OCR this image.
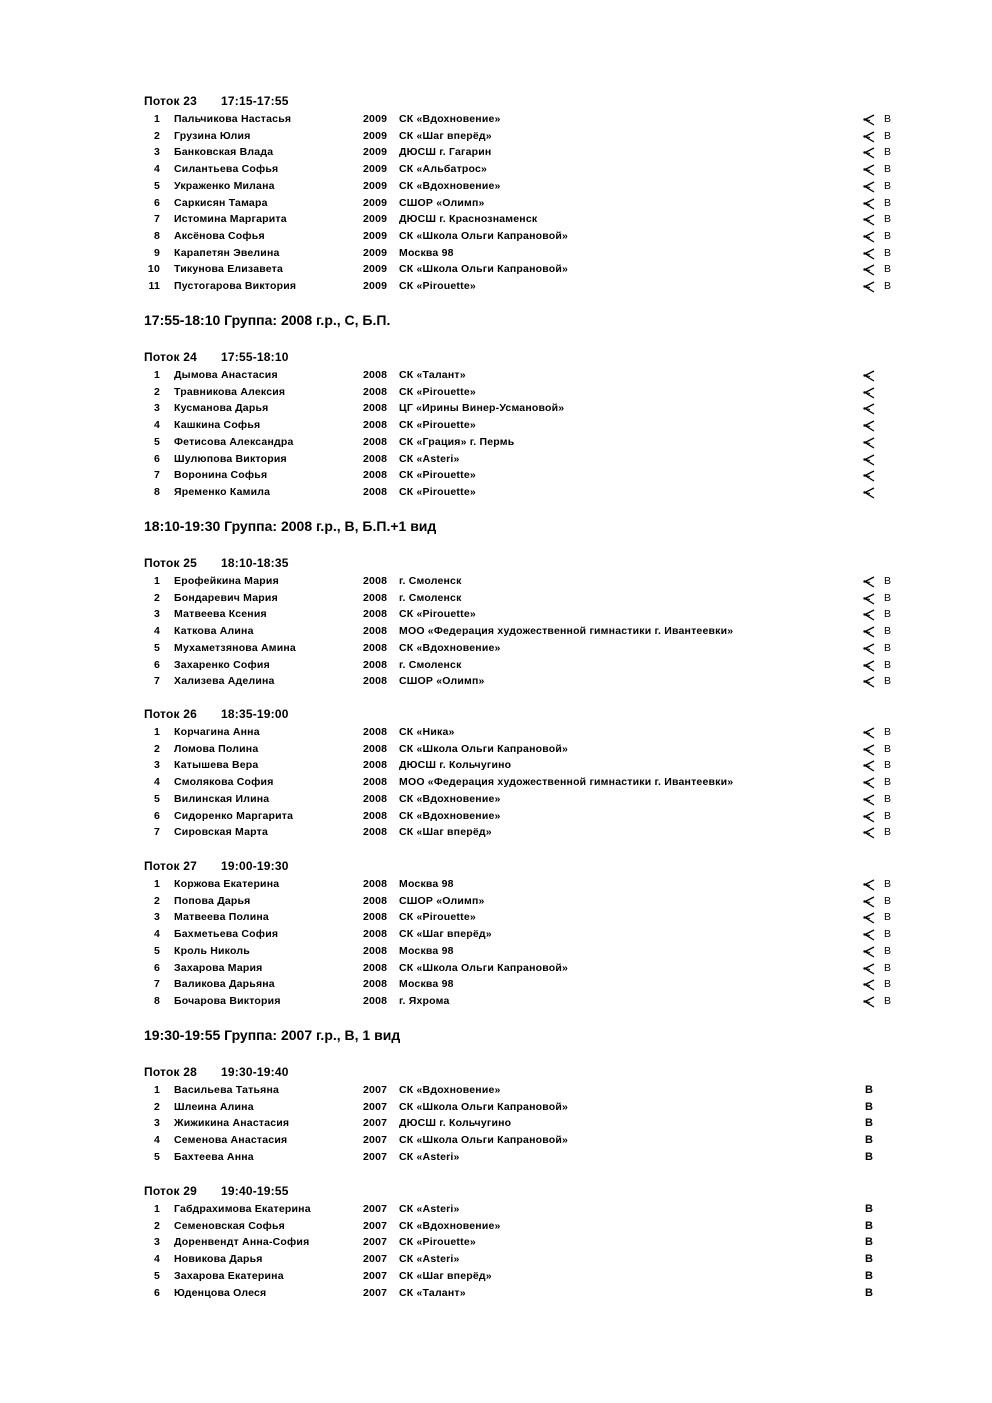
Поток 23 17:15-17:55
1 Пальчикова Настасья	2009 СК «Вдохновение»	В
2 Грузина Юлия	2009 СК «Шаг вперёд»	В
3 Банковская Влада	2009 ДЮСШ г. Гагарин	В
4 Силантьева Софья	2009 СК «Альбатрос»	В
5 Украженко Милана	2009 СК «Вдохновение»	В
6 Саркисян Тамара	2009 СШОР «Олимп»	В
7 Истомина Маргарита	2009 ДЮСШ г. Краснознаменск	В
8 Аксёнова Софья	2009 СК «Школа Ольги Капрановой»	В
9 Карапетян Эвелина	2009 Москва 98	В
10 Тикунова Елизавета	2009 СК «Школа Ольги Капрановой»	В
11 Пустогарова Виктория	2009 СК «Pirouette»	В
17:55-18:10 Группа: 2008 г.р., С, Б.П.
Поток 24 17:55-18:10
1 Дымова Анастасия	2008 СК «Талант»
2 Травникова Алексия	2008 СК «Pirouette»
3 Кусманова Дарья	2008 ЦГ «Ирины Винер-Усмановой»
4 Кашкина Софья	2008 СК «Pirouette»
5 Фетисова Александра	2008 СК «Грация» г. Пермь
6 Шулюпова Виктория	2008 СК «Asteri»
7 Воронина Софья	2008 СК «Pirouette»
8 Яременко Камила	2008 СК «Pirouette»
18:10-19:30 Группа: 2008 г.р., В, Б.П.+1 вид
Поток 25 18:10-18:35
1 Ерофейкина Мария	2008 г. Смоленск	В
2 Бондаревич Мария	2008 г. Смоленск	В
3 Матвеева Ксения	2008 СК «Pirouette»	В
4 Каткова Алина	2008 МОО «Федерация художественной гимнастики г. Ивантеевки»	В
5 Мухаметзянова Амина	2008 СК «Вдохновение»	В
6 Захаренко София	2008 г. Смоленск	В
7 Хализева Аделина	2008 СШОР «Олимп»	В
Поток 26 18:35-19:00
1 Корчагина Анна	2008 СК «Ника»	В
2 Ломова Полина	2008 СК «Школа Ольги Капрановой»	В
3 Катышева Вера	2008 ДЮСШ г. Кольчугино	В
4 Смолякова София	2008 МОО «Федерация художественной гимнастики г. Ивантеевки»	В
5 Вилинская Илина	2008 СК «Вдохновение»	В
6 Сидоренко Маргарита	2008 СК «Вдохновение»	В
7 Сировская Марта	2008 СК «Шаг вперёд»	В
Поток 27 19:00-19:30
1 Коржова Екатерина	2008 Москва 98	В
2 Попова Дарья	2008 СШОР «Олимп»	В
3 Матвеева Полина	2008 СК «Pirouette»	В
4 Бахметьева София	2008 СК «Шаг вперёд»	В
5 Кроль Николь	2008 Москва 98	В
6 Захарова Мария	2008 СК «Школа Ольги Капрановой»	В
7 Валикова Дарьяна	2008 Москва 98	В
8 Бочарова Виктория	2008 г. Яхрома	В
19:30-19:55 Группа: 2007 г.р., В, 1 вид
Поток 28 19:30-19:40
1 Васильева Татьяна	2007 СК «Вдохновение»	В
2 Шлеина Алина	2007 СК «Школа Ольги Капрановой»	В
3 Жижикина Анастасия	2007 ДЮСШ г. Кольчугино	В
4 Семенова Анастасия	2007 СК «Школа Ольги Капрановой»	В
5 Бахтеева Анна	2007 СК «Asteri»	В
Поток 29 19:40-19:55
1 Габдрахимова Екатерина	2007 СК «Asteri»	В
2 Семеновская Софья	2007 СК «Вдохновение»	В
3 Доренвендт Анна-София	2007 СК «Pirouette»	В
4 Новикова Дарья	2007 СК «Asteri»	В
5 Захарова Екатерина	2007 СК «Шаг вперёд»	В
6 Юденцова Олеся	2007 СК «Талант»	В
